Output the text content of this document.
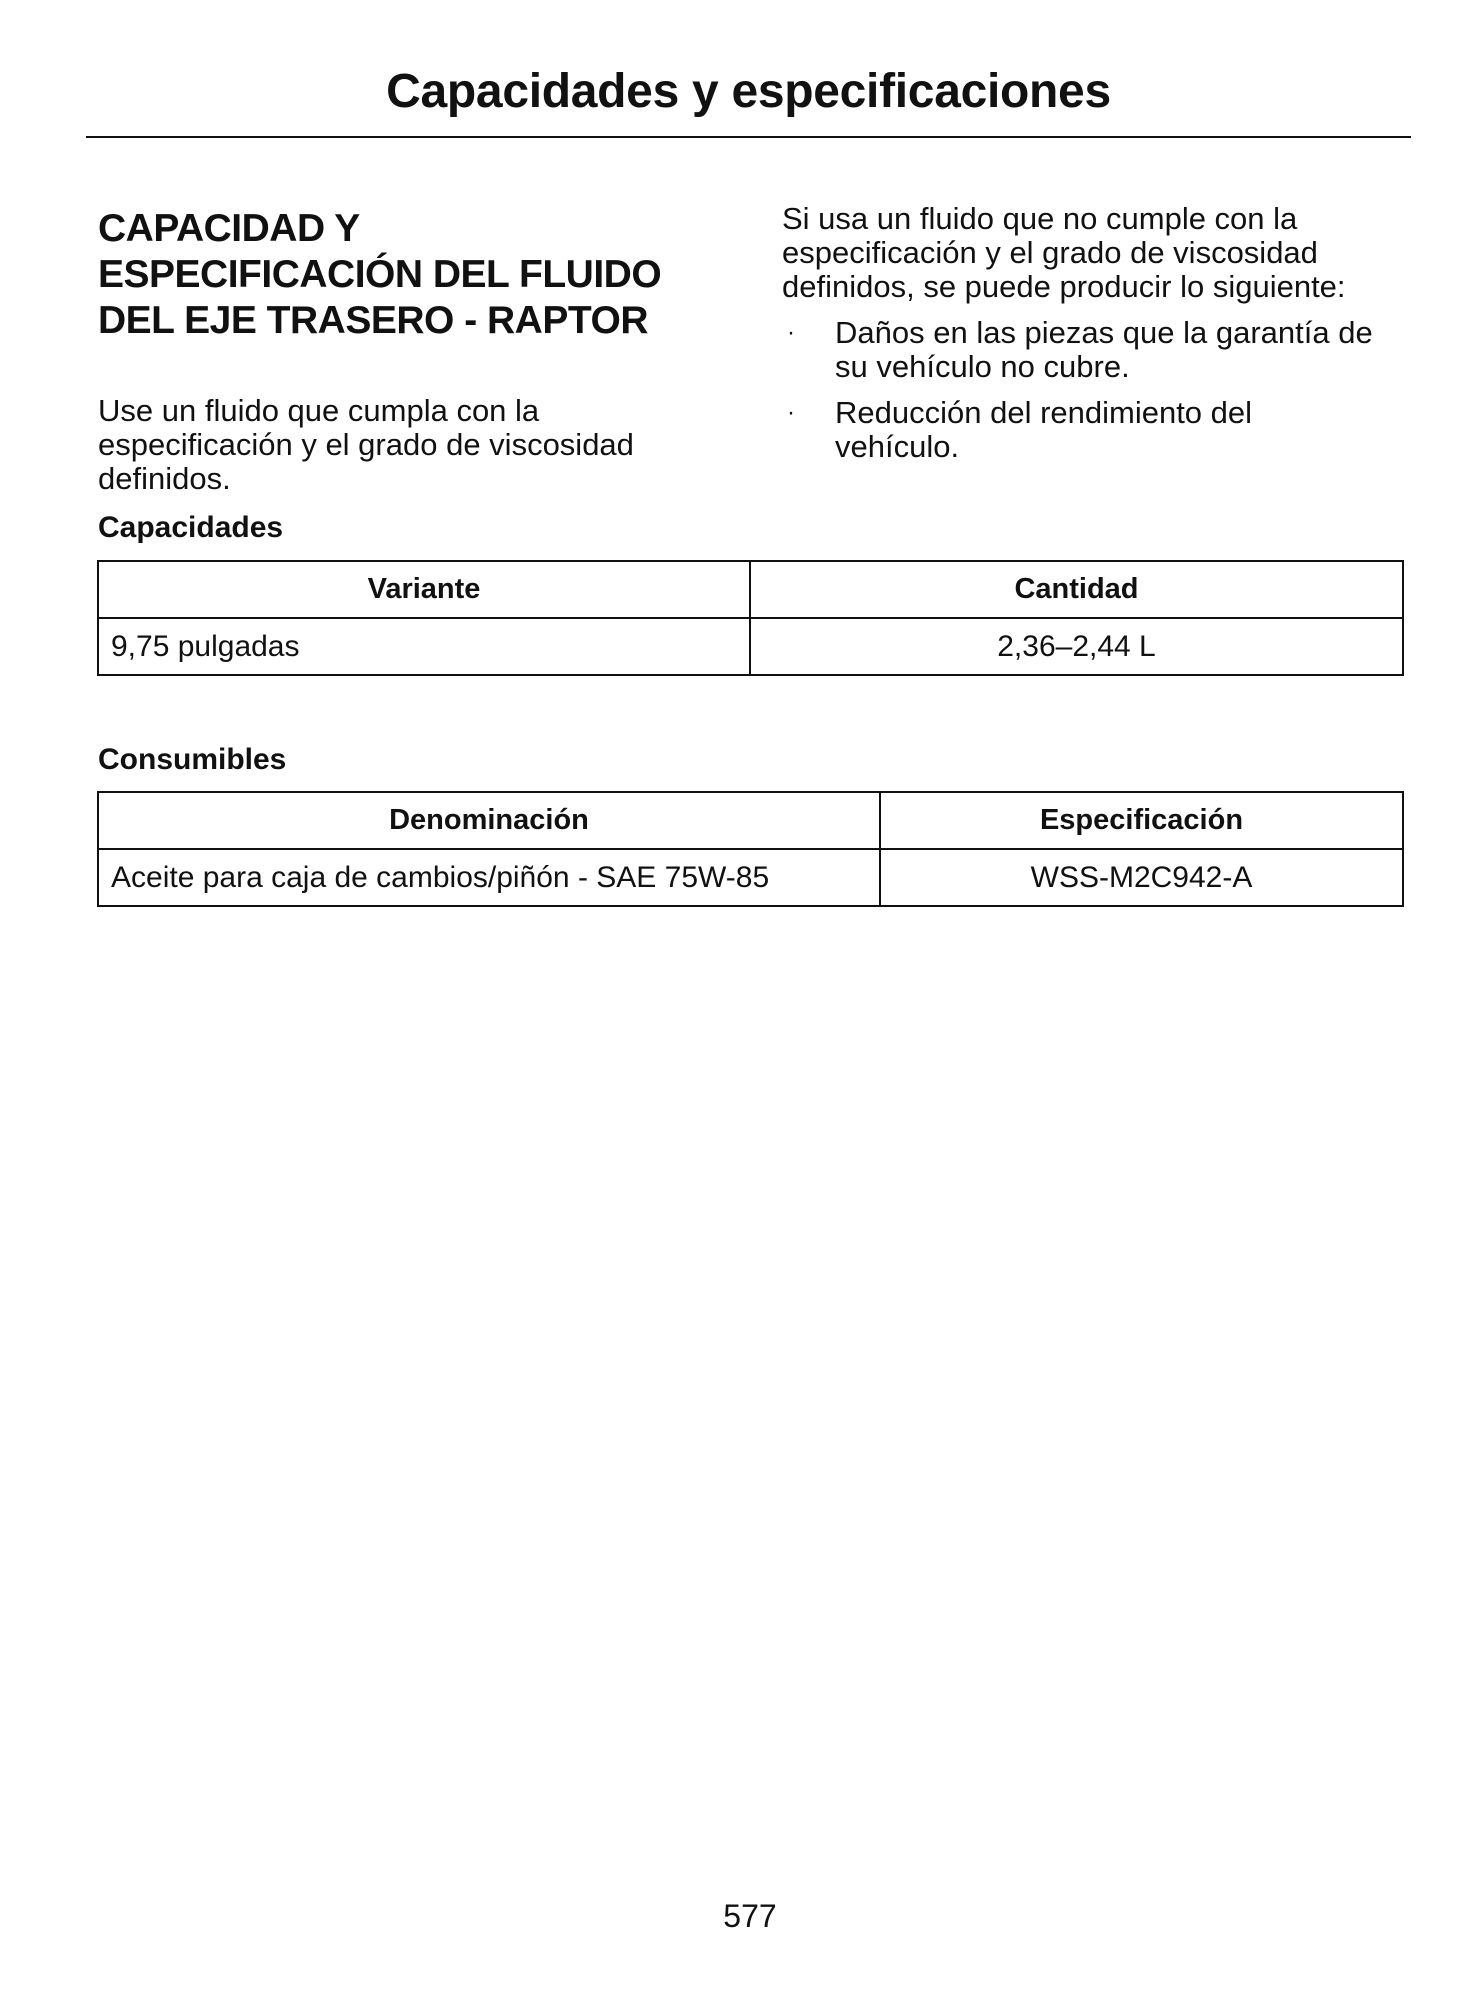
Capacidades y especificaciones
CAPACIDAD Y
ESPECIFICACIÓN DEL FLUIDO
DEL EJE TRASERO - RAPTOR

Use un fluido que cumpla con la
especificación y el grado de viscosidad
definidos.

Si usa un fluido que no cumple con la
especificación y el grado de viscosidad
definidos, se puede producir lo siguiente:

· Daños en las piezas que la garantía de
su vehículo no cubre.
· Reducción del rendimiento del
vehículo.
Capacidades
Variante	Cantidad
9,75 pulgadas	2,36–2,44 L
Consumibles
Denominación	Especificación
Aceite para caja de cambios/piñón - SAE 75W-85	WSS-M2C942-A
577
